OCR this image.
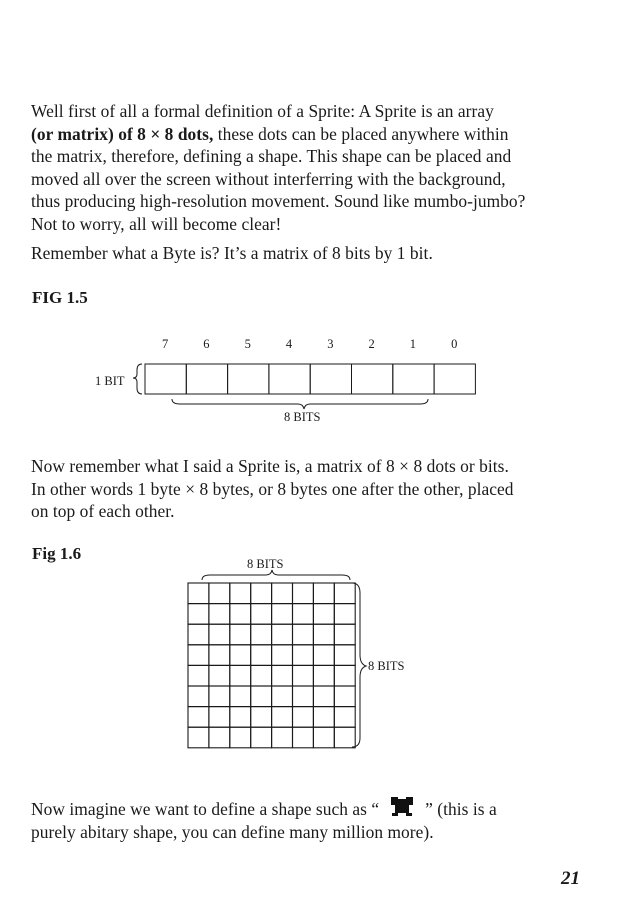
Well first of all a formal definition of a Sprite: A Sprite is an array
(or matrix) of 8 × 8 dots, these dots can be placed anywhere within
the matrix, therefore, defining a shape. This shape can be placed and
moved all over the screen without interferring with the background,
thus producing high-resolution movement. Sound like mumbo-jumbo?
Not to worry, all will become clear!

Remember what a Byte is? It’s a matrix of 8 bits by 1 bit.

FIG 1.5
7	6	5	4	3	2	1	0
1 BIT
8 BITS

Now remember what I said a Sprite is, a matrix of 8 × 8 dots or bits.
In other words 1 byte × 8 bytes, or 8 bytes one after the other, placed
on top of each other.

Fig 1.6
8 BITS
8 BITS

Now imagine we want to define a shape such as “	” (this is a
purely abitary shape, you can define many million more).

21
